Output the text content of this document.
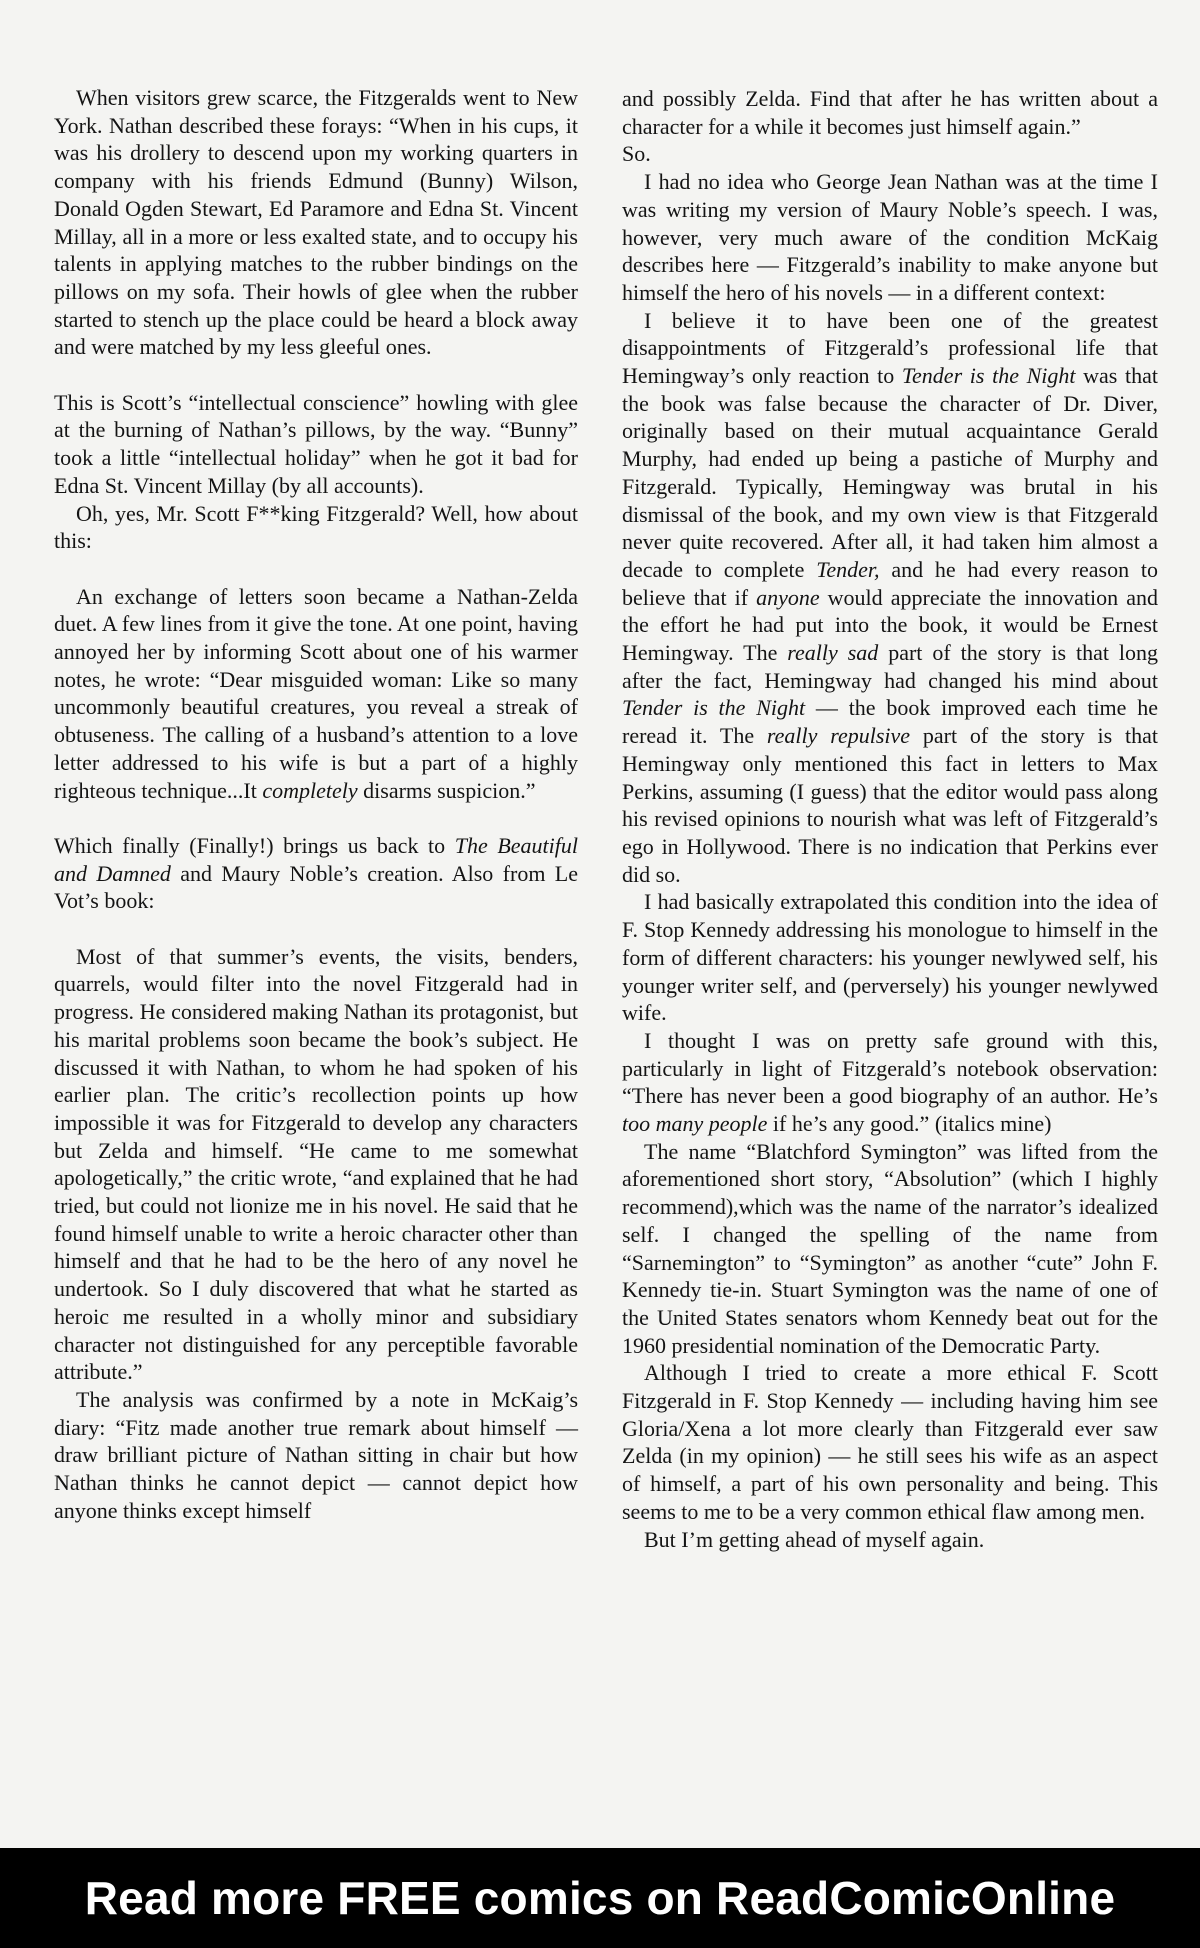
When visitors grew scarce, the Fitzgeralds went to New York. Nathan described these forays: “When in his cups, it was his drollery to descend upon my working quarters in company with his friends Edmund (Bunny) Wilson, Donald Ogden Stewart, Ed Paramore and Edna St. Vincent Millay, all in a more or less exalted state, and to occupy his talents in applying matches to the rubber bindings on the pillows on my sofa. Their howls of glee when the rubber started to stench up the place could be heard a block away and were matched by my less gleeful ones.

This is Scott’s “intellectual conscience” howling with glee at the burning of Nathan’s pillows, by the way. “Bunny” took a little “intellectual holiday” when he got it bad for Edna St. Vincent Millay (by all accounts).

Oh, yes, Mr. Scott F**king Fitzgerald? Well, how about this:

An exchange of letters soon became a Nathan-Zelda duet. A few lines from it give the tone. At one point, having annoyed her by informing Scott about one of his warmer notes, he wrote: “Dear misguided woman: Like so many uncommonly beautiful creatures, you reveal a streak of obtuseness. The calling of a husband’s attention to a love letter addressed to his wife is but a part of a highly righteous technique...It completely disarms suspicion.”

Which finally (Finally!) brings us back to The Beautiful and Damned and Maury Noble’s creation. Also from Le Vot’s book:

Most of that summer’s events, the visits, benders, quarrels, would filter into the novel Fitzgerald had in progress. He considered making Nathan its protagonist, but his marital problems soon became the book’s subject. He discussed it with Nathan, to whom he had spoken of his earlier plan. The critic’s recollection points up how impossible it was for Fitzgerald to develop any characters but Zelda and himself. “He came to me somewhat apologetically,” the critic wrote, “and explained that he had tried, but could not lionize me in his novel. He said that he found himself unable to write a heroic character other than himself and that he had to be the hero of any novel he undertook. So I duly discovered that what he started as heroic me resulted in a wholly minor and subsidiary character not distinguished for any perceptible favorable attribute.”

The analysis was confirmed by a note in McKaig’s diary: “Fitz made another true remark about himself — draw brilliant picture of Nathan sitting in chair but how Nathan thinks he cannot depict — cannot depict how anyone thinks except himself

and possibly Zelda. Find that after he has written about a character for a while it becomes just himself again.”

So.

I had no idea who George Jean Nathan was at the time I was writing my version of Maury Noble’s speech. I was, however, very much aware of the condition McKaig describes here — Fitzgerald’s inability to make anyone but himself the hero of his novels — in a different context:

I believe it to have been one of the greatest disappointments of Fitzgerald’s professional life that Hemingway’s only reaction to Tender is the Night was that the book was false because the character of Dr. Diver, originally based on their mutual acquaintance Gerald Murphy, had ended up being a pastiche of Murphy and Fitzgerald. Typically, Hemingway was brutal in his dismissal of the book, and my own view is that Fitzgerald never quite recovered. After all, it had taken him almost a decade to complete Tender, and he had every reason to believe that if anyone would appreciate the innovation and the effort he had put into the book, it would be Ernest Hemingway. The really sad part of the story is that long after the fact, Hemingway had changed his mind about Tender is the Night — the book improved each time he reread it. The really repulsive part of the story is that Hemingway only mentioned this fact in letters to Max Perkins, assuming (I guess) that the editor would pass along his revised opinions to nourish what was left of Fitzgerald’s ego in Hollywood. There is no indication that Perkins ever did so.

I had basically extrapolated this condition into the idea of F. Stop Kennedy addressing his monologue to himself in the form of different characters: his younger newlywed self, his younger writer self, and (perversely) his younger newlywed wife.

I thought I was on pretty safe ground with this, particularly in light of Fitzgerald’s notebook observation: “There has never been a good biography of an author. He’s too many people if he’s any good.” (italics mine)

The name “Blatchford Symington” was lifted from the aforementioned short story, “Absolution” (which I highly recommend),which was the name of the narrator’s idealized self. I changed the spelling of the name from “Sarnemington” to “Symington” as another “cute” John F. Kennedy tie-in. Stuart Symington was the name of one of the United States senators whom Kennedy beat out for the 1960 presidential nomination of the Democratic Party.

Although I tried to create a more ethical F. Scott Fitzgerald in F. Stop Kennedy — including having him see Gloria/Xena a lot more clearly than Fitzgerald ever saw Zelda (in my opinion) — he still sees his wife as an aspect of himself, a part of his own personality and being. This seems to me to be a very common ethical flaw among men.

But I’m getting ahead of myself again.

Read more FREE comics on ReadComicOnline
